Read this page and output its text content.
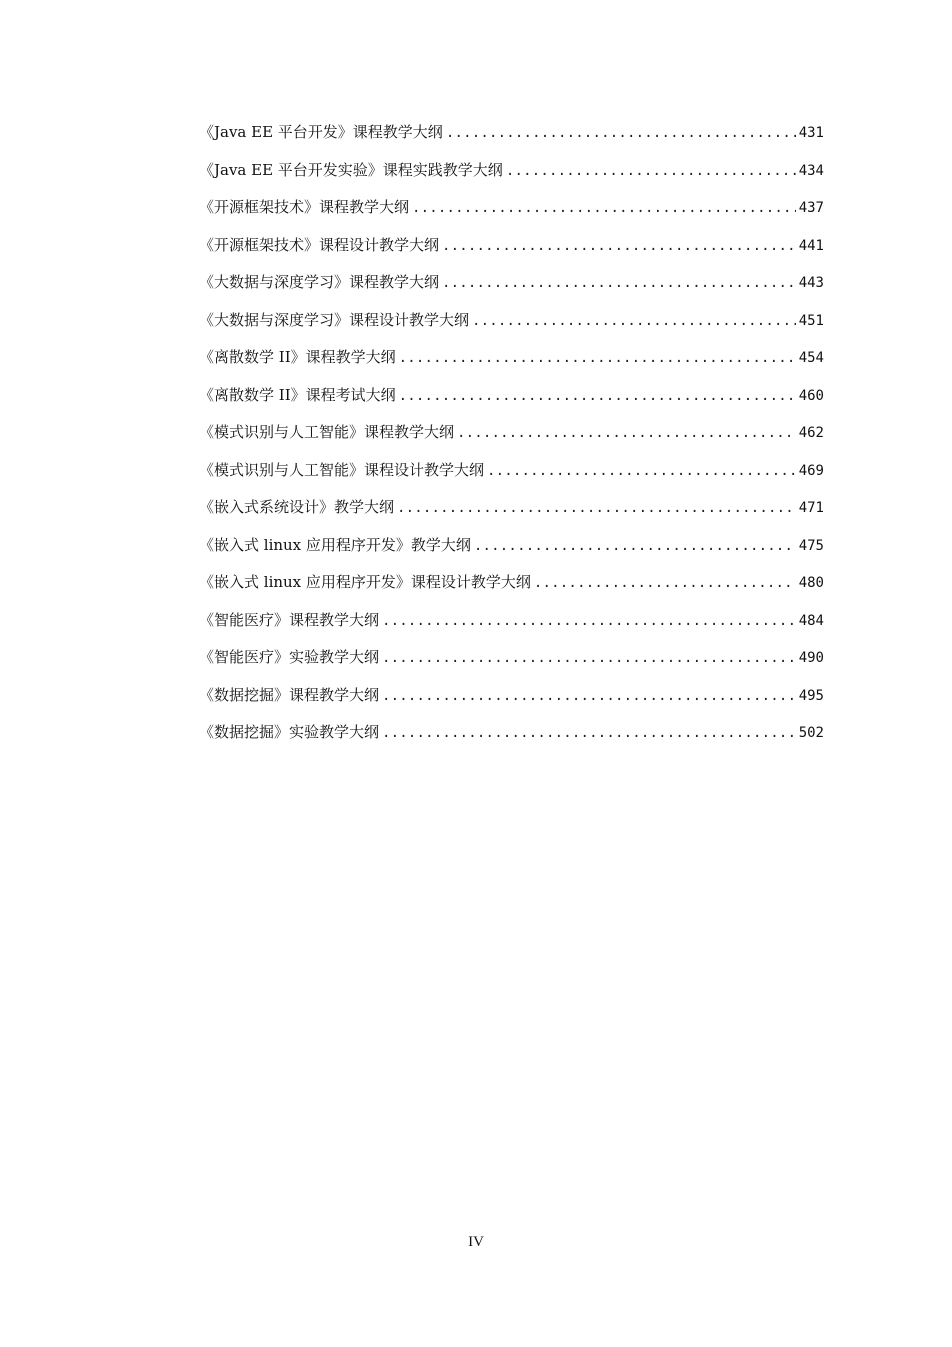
《Java EE 平台开发》课程教学大纲 .....	431
《Java EE 平台开发实验》课程实践教学大纲 .....	434
《开源框架技术》课程教学大纲 .....	437
《开源框架技术》课程设计教学大纲 .....	441
《大数据与深度学习》课程教学大纲 .....	443
《大数据与深度学习》课程设计教学大纲 .....	451
《离散数学 II》课程教学大纲 .....	454
《离散数学 II》课程考试大纲 .....	460
《模式识别与人工智能》课程教学大纲 .....	462
《模式识别与人工智能》课程设计教学大纲 .....	469
《嵌入式系统设计》教学大纲 .....	471
《嵌入式 linux 应用程序开发》教学大纲 .....	475
《嵌入式 linux 应用程序开发》课程设计教学大纲 .....	480
《智能医疗》课程教学大纲 .....	484
《智能医疗》实验教学大纲 .....	490
《数据挖掘》课程教学大纲 .....	495
《数据挖掘》实验教学大纲 .....	502
IV
